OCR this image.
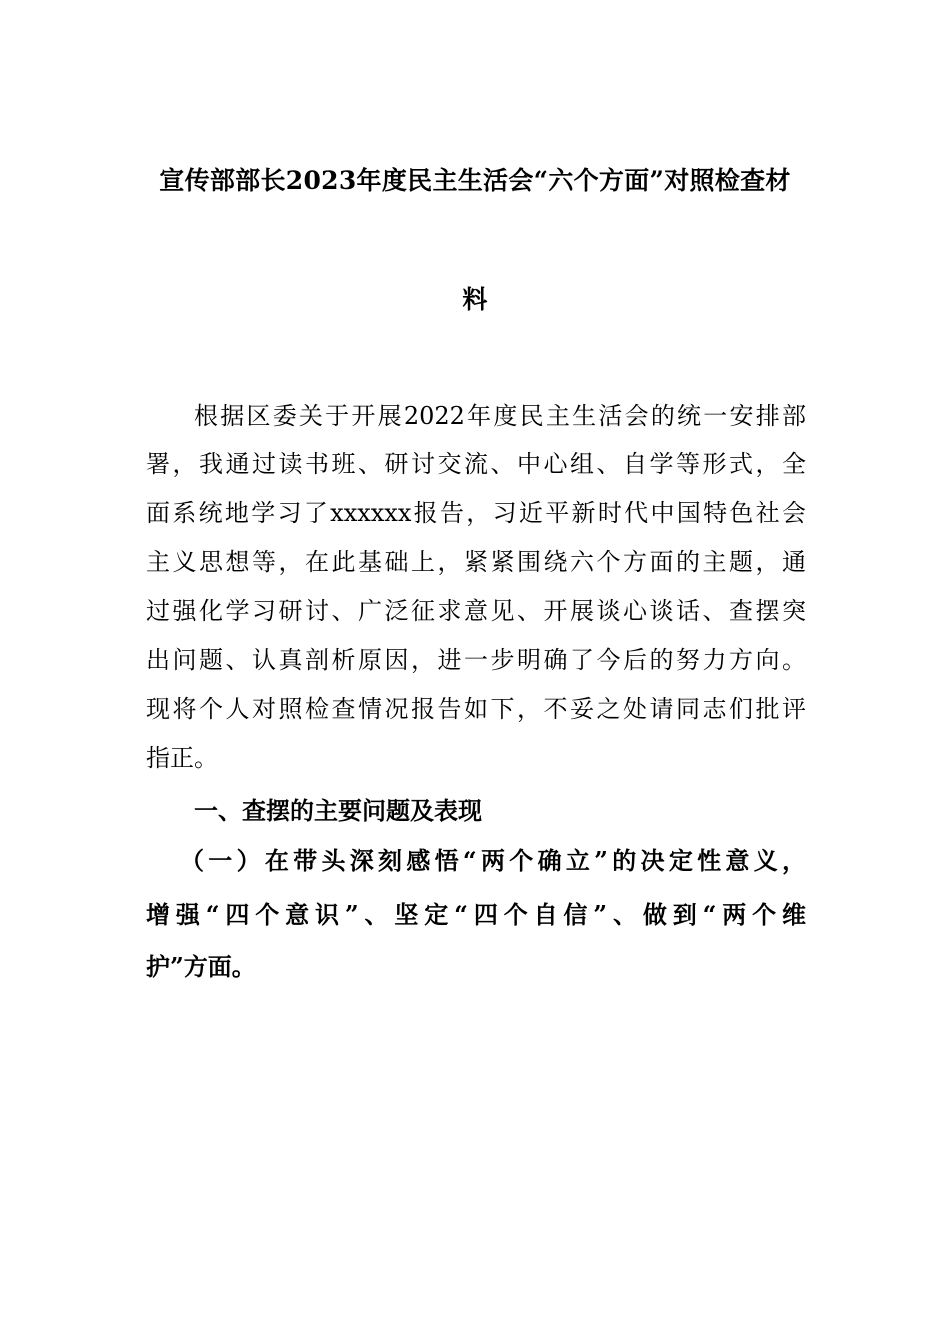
宣传部部长2023年度民主生活会“六个方面”对照检查材
料
根据区委关于开展2022年度民主生活会的统一安排部
署，我通过读书班、研讨交流、中心组、自学等形式，全
面系统地学习了xxxxxx报告，习近平新时代中国特色社会
主义思想等，在此基础上，紧紧围绕六个方面的主题，通
过强化学习研讨、广泛征求意见、开展谈心谈话、查摆突
出问题、认真剖析原因，进一步明确了今后的努力方向。
现将个人对照检查情况报告如下，不妥之处请同志们批评
指正。
一、查摆的主要问题及表现
（一）在带头深刻感悟“两个确立”的决定性意义，
增强“四个意识”、坚定“四个自信”、做到“两个维
护”方面。
